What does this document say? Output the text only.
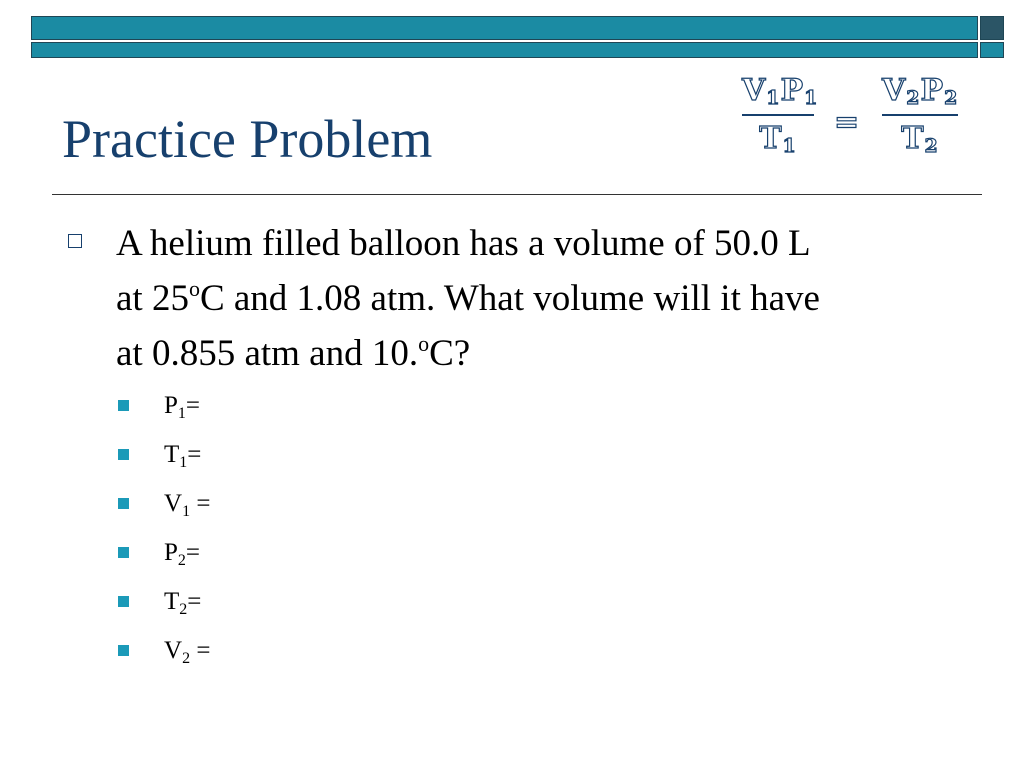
Practice Problem
$V_1P_1$
$T_1$
=
$V_2P_2$
$T_2$
A helium filled balloon has a volume of 50.0 L
at 25$^o$C and 1.08 atm. What volume will it have
at 0.855 atm and 10.$^o$C?
$P_1=$
$T_1=$
$V_1$ =
$P_2=$
$T_2=$
$V_2$ =
